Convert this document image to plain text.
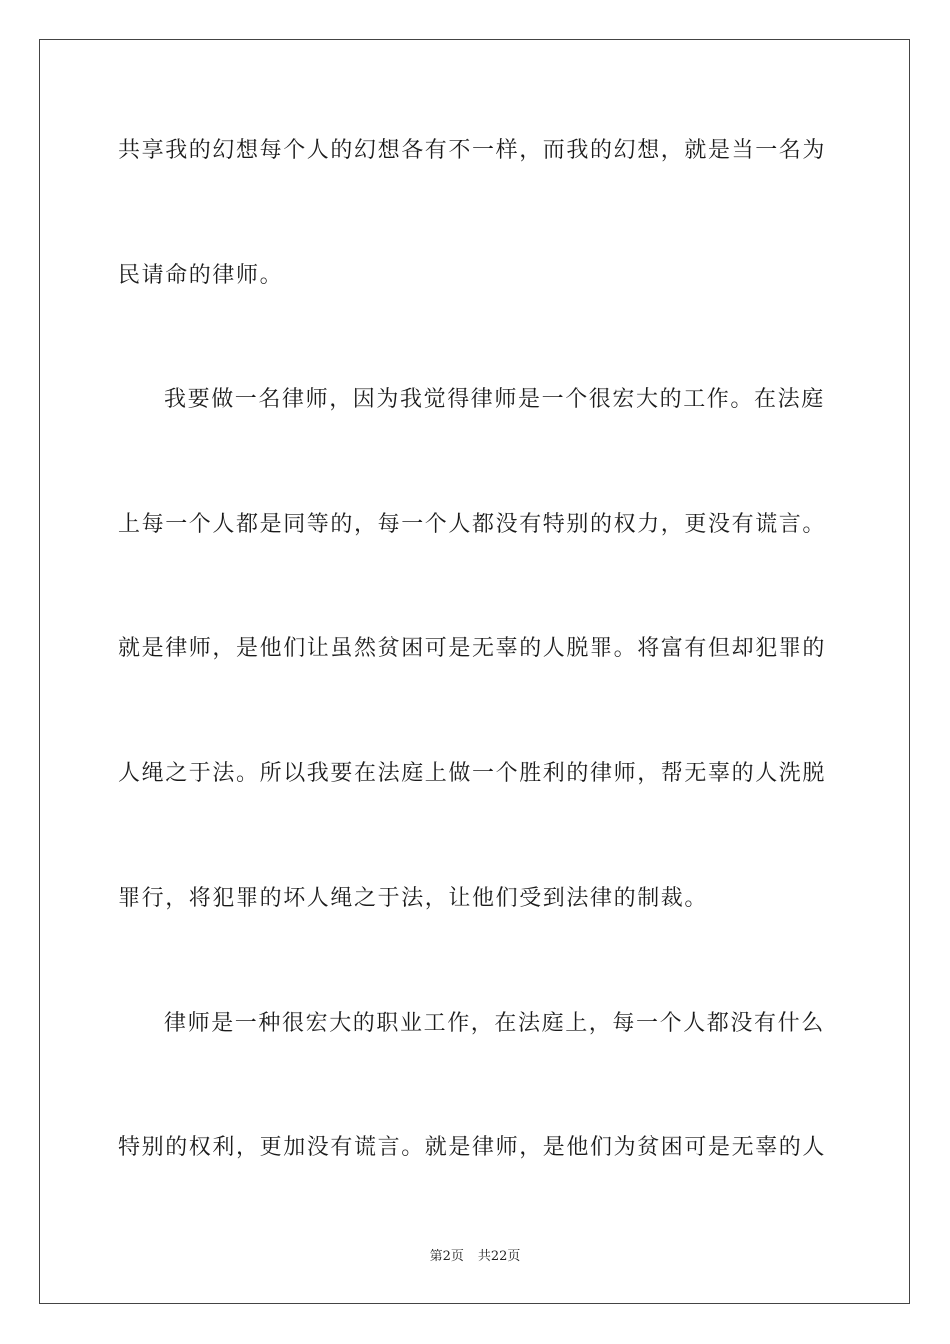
共享我的幻想每个人的幻想各有不一样，而我的幻想，就是当一名为
民请命的律师。
我要做一名律师，因为我觉得律师是一个很宏大的工作。在法庭
上每一个人都是同等的，每一个人都没有特别的权力，更没有谎言。
就是律师，是他们让虽然贫困可是无辜的人脱罪。将富有但却犯罪的
人绳之于法。所以我要在法庭上做一个胜利的律师，帮无辜的人洗脱
罪行，将犯罪的坏人绳之于法，让他们受到法律的制裁。
律师是一种很宏大的职业工作，在法庭上，每一个人都没有什么
特别的权利，更加没有谎言。就是律师，是他们为贫困可是无辜的人
第2页 共22页
